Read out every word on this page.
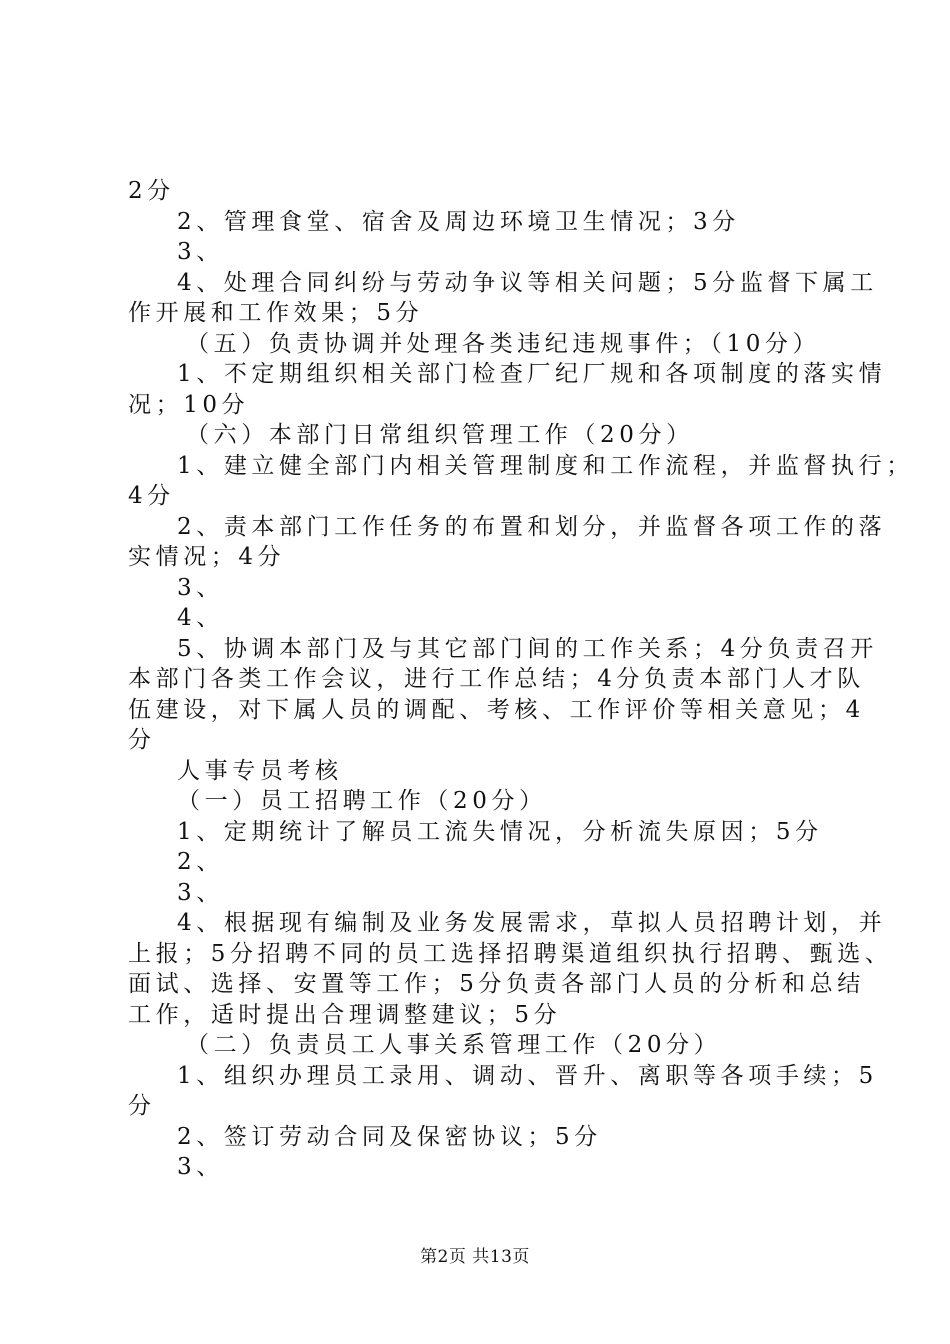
2分
2、管理食堂、宿舍及周边环境卫生情况；3分
3、
4、处理合同纠纷与劳动争议等相关问题；5分监督下属工
作开展和工作效果；5分
（五）负责协调并处理各类违纪违规事件；（10分）
1、不定期组织相关部门检查厂纪厂规和各项制度的落实情
况；10分
（六）本部门日常组织管理工作（20分）
1、建立健全部门内相关管理制度和工作流程，并监督执行；
4分
2、责本部门工作任务的布置和划分，并监督各项工作的落
实情况；4分
3、
4、
5、协调本部门及与其它部门间的工作关系；4分负责召开
本部门各类工作会议，进行工作总结；4分负责本部门人才队
伍建设，对下属人员的调配、考核、工作评价等相关意见；4
分
人事专员考核
（一）员工招聘工作（20分）
1、定期统计了解员工流失情况，分析流失原因；5分
2、
3、
4、根据现有编制及业务发展需求，草拟人员招聘计划，并
上报；5分招聘不同的员工选择招聘渠道组织执行招聘、甄选、
面试、选择、安置等工作；5分负责各部门人员的分析和总结
工作，适时提出合理调整建议；5分
（二）负责员工人事关系管理工作（20分）
1、组织办理员工录用、调动、晋升、离职等各项手续；5
分
2、签订劳动合同及保密协议；5分
3、
第2页 共13页
